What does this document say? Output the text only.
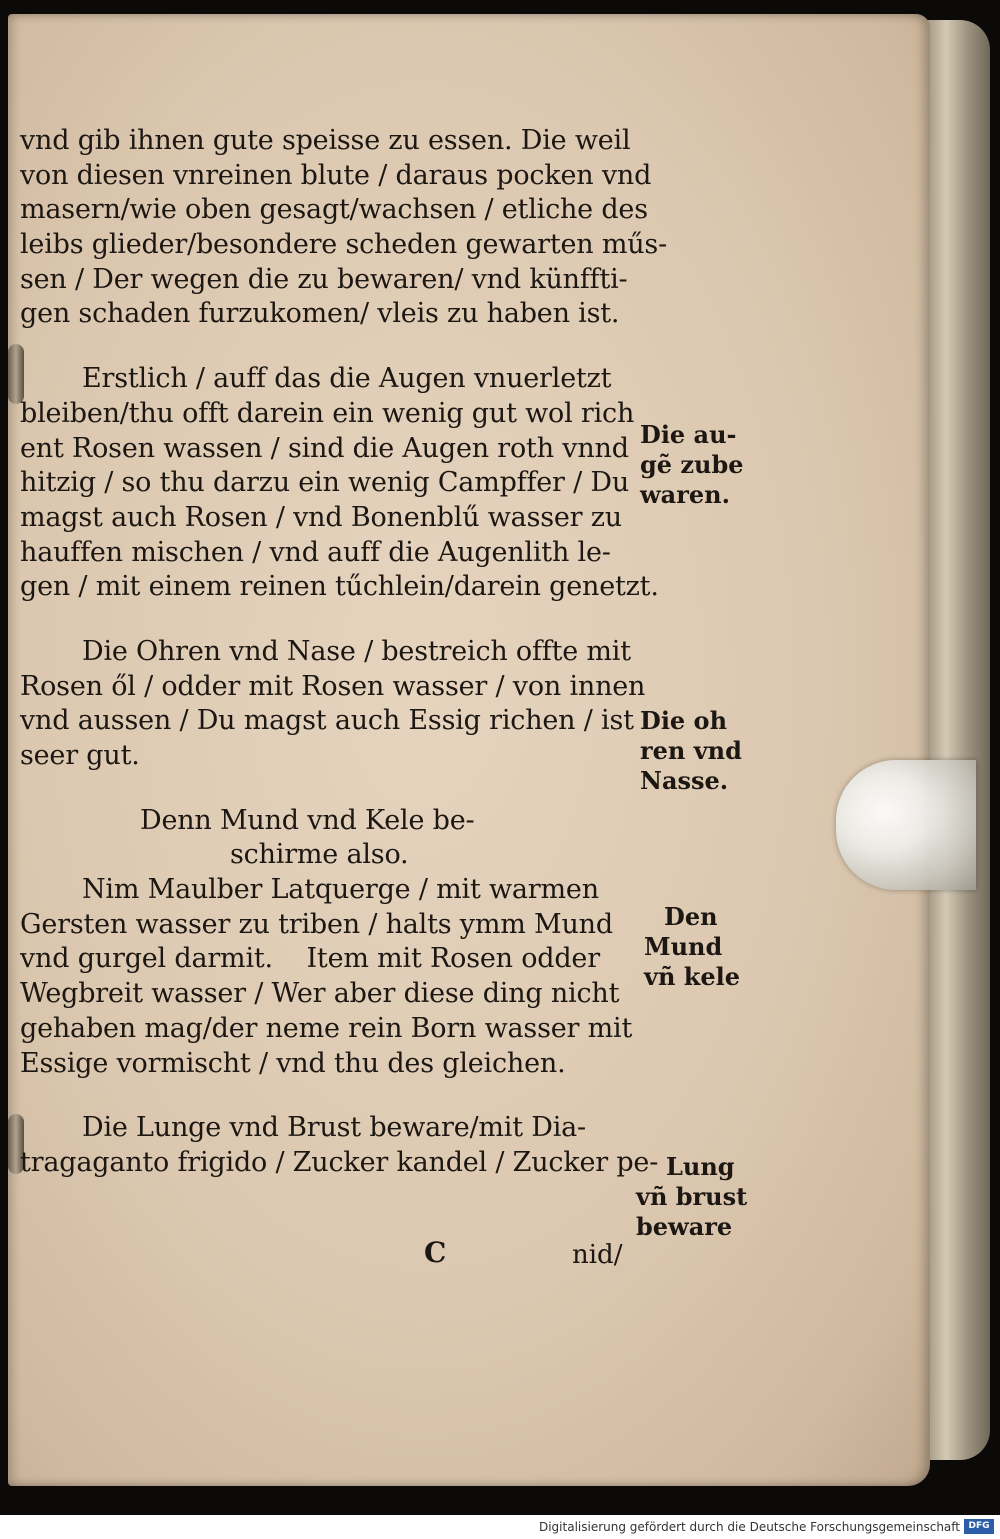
vnd gib ihnen gute speisse zu essen. Die weil
von diesen vnreinen blute / daraus pocken vnd
masern/wie oben gesagt/wachsen / etliche des
leibs glieder/besondere scheden gewarten műs-
sen / Der wegen die zu bewaren/ vnd künffti-
gen schaden furzukomen/ vleis zu haben ist.
Erstlich / auff das die Augen vnuerletzt
bleiben/thu offt darein ein wenig gut wol rich
ent Rosen wassen / sind die Augen roth vnnd
hitzig / so thu darzu ein wenig Campffer / Du
magst auch Rosen / vnd Bonenblű wasser zu
hauffen mischen / vnd auff die Augenlith le-
gen / mit einem reinen tűchlein/darein genetzt.
Die Ohren vnd Nase / bestreich offte mit
Rosen ől / odder mit Rosen wasser / von innen
vnd aussen / Du magst auch Essig richen / ist
seer gut.
Denn Mund vnd Kele be-
schirme also.
Nim Maulber Latquerge / mit warmen
Gersten wasser zu triben / halts ymm Mund
vnd gurgel darmit.    Item mit Rosen odder
Wegbreit wasser / Wer aber diese ding nicht
gehaben mag/der neme rein Born wasser mit
Essige vormischt / vnd thu des gleichen.
Die Lunge vnd Brust beware/mit Dia-
tragaganto frigido / Zucker kandel / Zucker pe-
Die au-
gẽ zube
waren.
Die oh
ren vnd
Nasse.
Den
Mund
vñ kele
Lung
vñ brust
beware
C	nid/
Digitalisierung gefördert durch die Deutsche Forschungsgemeinschaft DFG
